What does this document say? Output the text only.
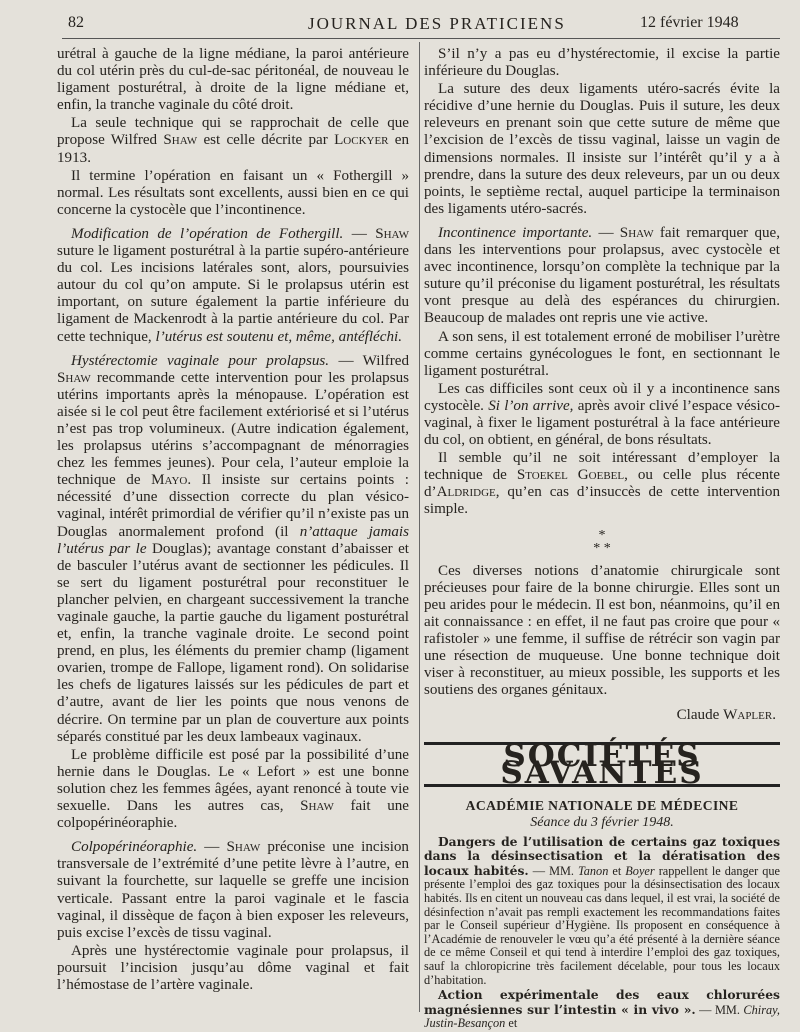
82	JOURNAL DES PRATICIENS	12 février 1948

urétral à gauche de la ligne médiane, la paroi antérieure du col utérin près du cul-de-sac péritonéal, de nouveau le ligament posturétral, à droite de la ligne médiane et, enfin, la tranche vaginale du côté droit.

La seule technique qui se rapprochait de celle que propose Wilfred Shaw est celle décrite par Lockyer en 1913.

Il termine l’opération en faisant un « Fothergill » normal. Les résultats sont excellents, aussi bien en ce qui concerne la cystocèle que l’incontinence.

Modification de l’opération de Fothergill. — Shaw suture le ligament posturétral à la partie supéro-antérieure du col. Les incisions latérales sont, alors, poursuivies autour du col qu’on ampute. Si le prolapsus utérin est important, on suture également la partie inférieure du ligament de Mackenrodt à la partie antérieure du col. Par cette technique, l’utérus est soutenu et, même, antéfléchi.

Hystérectomie vaginale pour prolapsus. — Wilfred Shaw recommande cette intervention pour les prolapsus utérins importants après la ménopause. L’opération est aisée si le col peut être facilement extériorisé et si l’utérus n’est pas trop volumineux. (Autre indication également, les prolapsus utérins s’accompagnant de ménorragies chez les femmes jeunes). Pour cela, l’auteur emploie la technique de Mayo. Il insiste sur certains points : nécessité d’une dissection correcte du plan vésico-vaginal, intérêt primordial de vérifier qu’il n’existe pas un Douglas anormalement profond (il n’attaque jamais l’utérus par le Douglas); avantage constant d’abaisser et de basculer l’utérus avant de sectionner les pédicules. Il se sert du ligament posturétral pour reconstituer le plancher pelvien, en chargeant successivement la tranche vaginale gauche, la partie gauche du ligament posturétral et, enfin, la tranche vaginale droite. Le second point prend, en plus, les éléments du premier champ (ligament ovarien, trompe de Fallope, ligament rond). On solidarise les chefs de ligatures laissés sur les pédicules de part et d’autre, avant de lier les points que nous venons de décrire. On termine par un plan de couverture aux points séparés constitué par les deux lambeaux vaginaux.

Le problème difficile est posé par la possibilité d’une hernie dans le Douglas. Le « Lefort » est une bonne solution chez les femmes âgées, ayant renoncé à toute vie sexuelle. Dans les autres cas, Shaw fait une colpopérinéoraphie.

Colpopérinéoraphie. — Shaw préconise une incision transversale de l’extrémité d’une petite lèvre à l’autre, en suivant la fourchette, sur laquelle se greffe une incision verticale. Passant entre la paroi vaginale et le fascia vaginal, il dissèque de façon à bien exposer les releveurs, puis excise l’excès de tissu vaginal.

Après une hystérectomie vaginale pour prolapsus, il poursuit l’incision jusqu’au dôme vaginal et fait l’hémostase de l’artère vaginale.

S’il n’y a pas eu d’hystérectomie, il excise la partie inférieure du Douglas.

La suture des deux ligaments utéro-sacrés évite la récidive d’une hernie du Douglas. Puis il suture, les deux releveurs en prenant soin que cette suture de même que l’excision de l’excès de tissu vaginal, laisse un vagin de dimensions normales. Il insiste sur l’intérêt qu’il y a à prendre, dans la suture des deux releveurs, par un ou deux points, le septième rectal, auquel participe la terminaison des ligaments utéro-sacrés.

Incontinence importante. — Shaw fait remarquer que, dans les interventions pour prolapsus, avec cystocèle et avec incontinence, lorsqu’on complète la technique par la suture qu’il préconise du ligament posturétral, les résultats vont presque au delà des espérances du chirurgien. Beaucoup de malades ont repris une vie active.

A son sens, il est totalement erroné de mobiliser l’urètre comme certains gynécologues le font, en sectionnant le ligament posturétral.

Les cas difficiles sont ceux où il y a incontinence sans cystocèle. Si l’on arrive, après avoir clivé l’espace vésico-vaginal, à fixer le ligament posturétral à la face antérieure du col, on obtient, en général, de bons résultats.

Il semble qu’il ne soit intéressant d’employer la technique de Stoekel Goebel, ou celle plus récente d’Aldridge, qu’en cas d’insuccès de cette intervention simple.

*
* *

Ces diverses notions d’anatomie chirurgicale sont précieuses pour faire de la bonne chirurgie. Elles sont un peu arides pour le médecin. Il est bon, néanmoins, qu’il en ait connaissance : en effet, il ne faut pas croire que pour « rafistoler » une femme, il suffise de rétrécir son vagin par une résection de muqueuse. Une bonne technique doit viser à reconstituer, au mieux possible, les supports et les soutiens des organes génitaux.

Claude Wapler.

SOCIÉTÉS SAVANTES
ACADÉMIE NATIONALE DE MÉDECINE
Séance du 3 février 1948.

Dangers de l’utilisation de certains gaz toxiques dans la désinsectisation et la dératisation des locaux habités. — MM. Tanon et Boyer rappellent le danger que présente l’emploi des gaz toxiques pour la désinsectisation des locaux habités. Ils en citent un nouveau cas dans lequel, il est vrai, la société de désinfection n’avait pas rempli exactement les recommandations faites par le Conseil supérieur d’Hygiène. Ils proposent en conséquence à l’Académie de renouveler le vœu qu’a été présenté à la dernière séance de ce même Conseil et qui tend à interdire l’emploi des gaz toxiques, sauf la chloropicrine très facilement décelable, pour tous les locaux d’habitation.

Action expérimentale des eaux chlorurées magnésiennes sur l’intestin « in vivo ». — MM. Chiray, Justin-Besançon et
